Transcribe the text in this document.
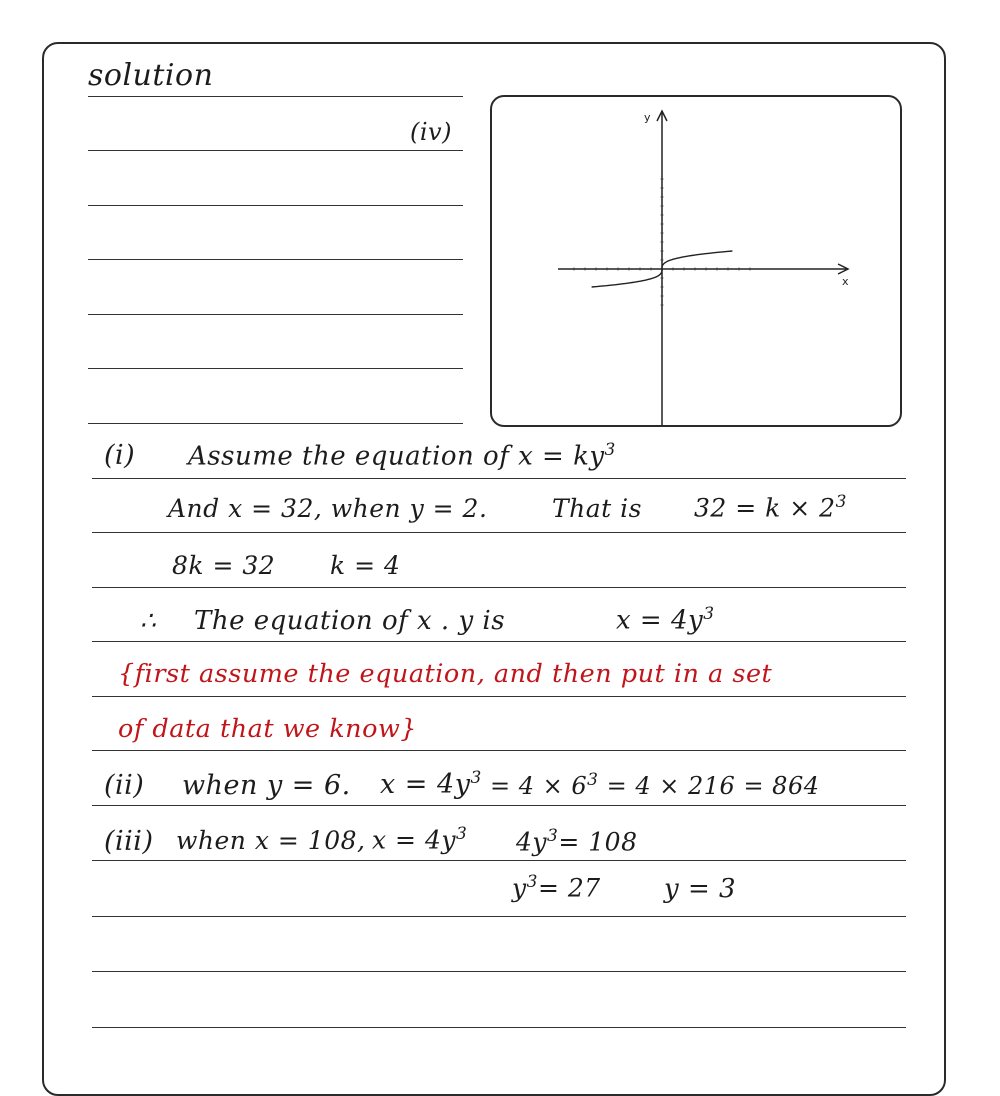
solution
(iv)
y
x
(i) Assume the equation of $x = ky^3$
And x = 32, when y = 2.	That is $32 = k \times 2^3$
8k = 32 k = 4
∴ The equation of x . y is	$x = 4y^3$
{first assume the equation, and then put in a set
of data that we know}
(ii) when y = 6. $x = 4y^3 = 4 \times 6^3 = 4 \times 216 = 864$
(iii) when x = 108, $x = 4y^3$ $4y^3= 108$
$y^3= 27$ y = 3
